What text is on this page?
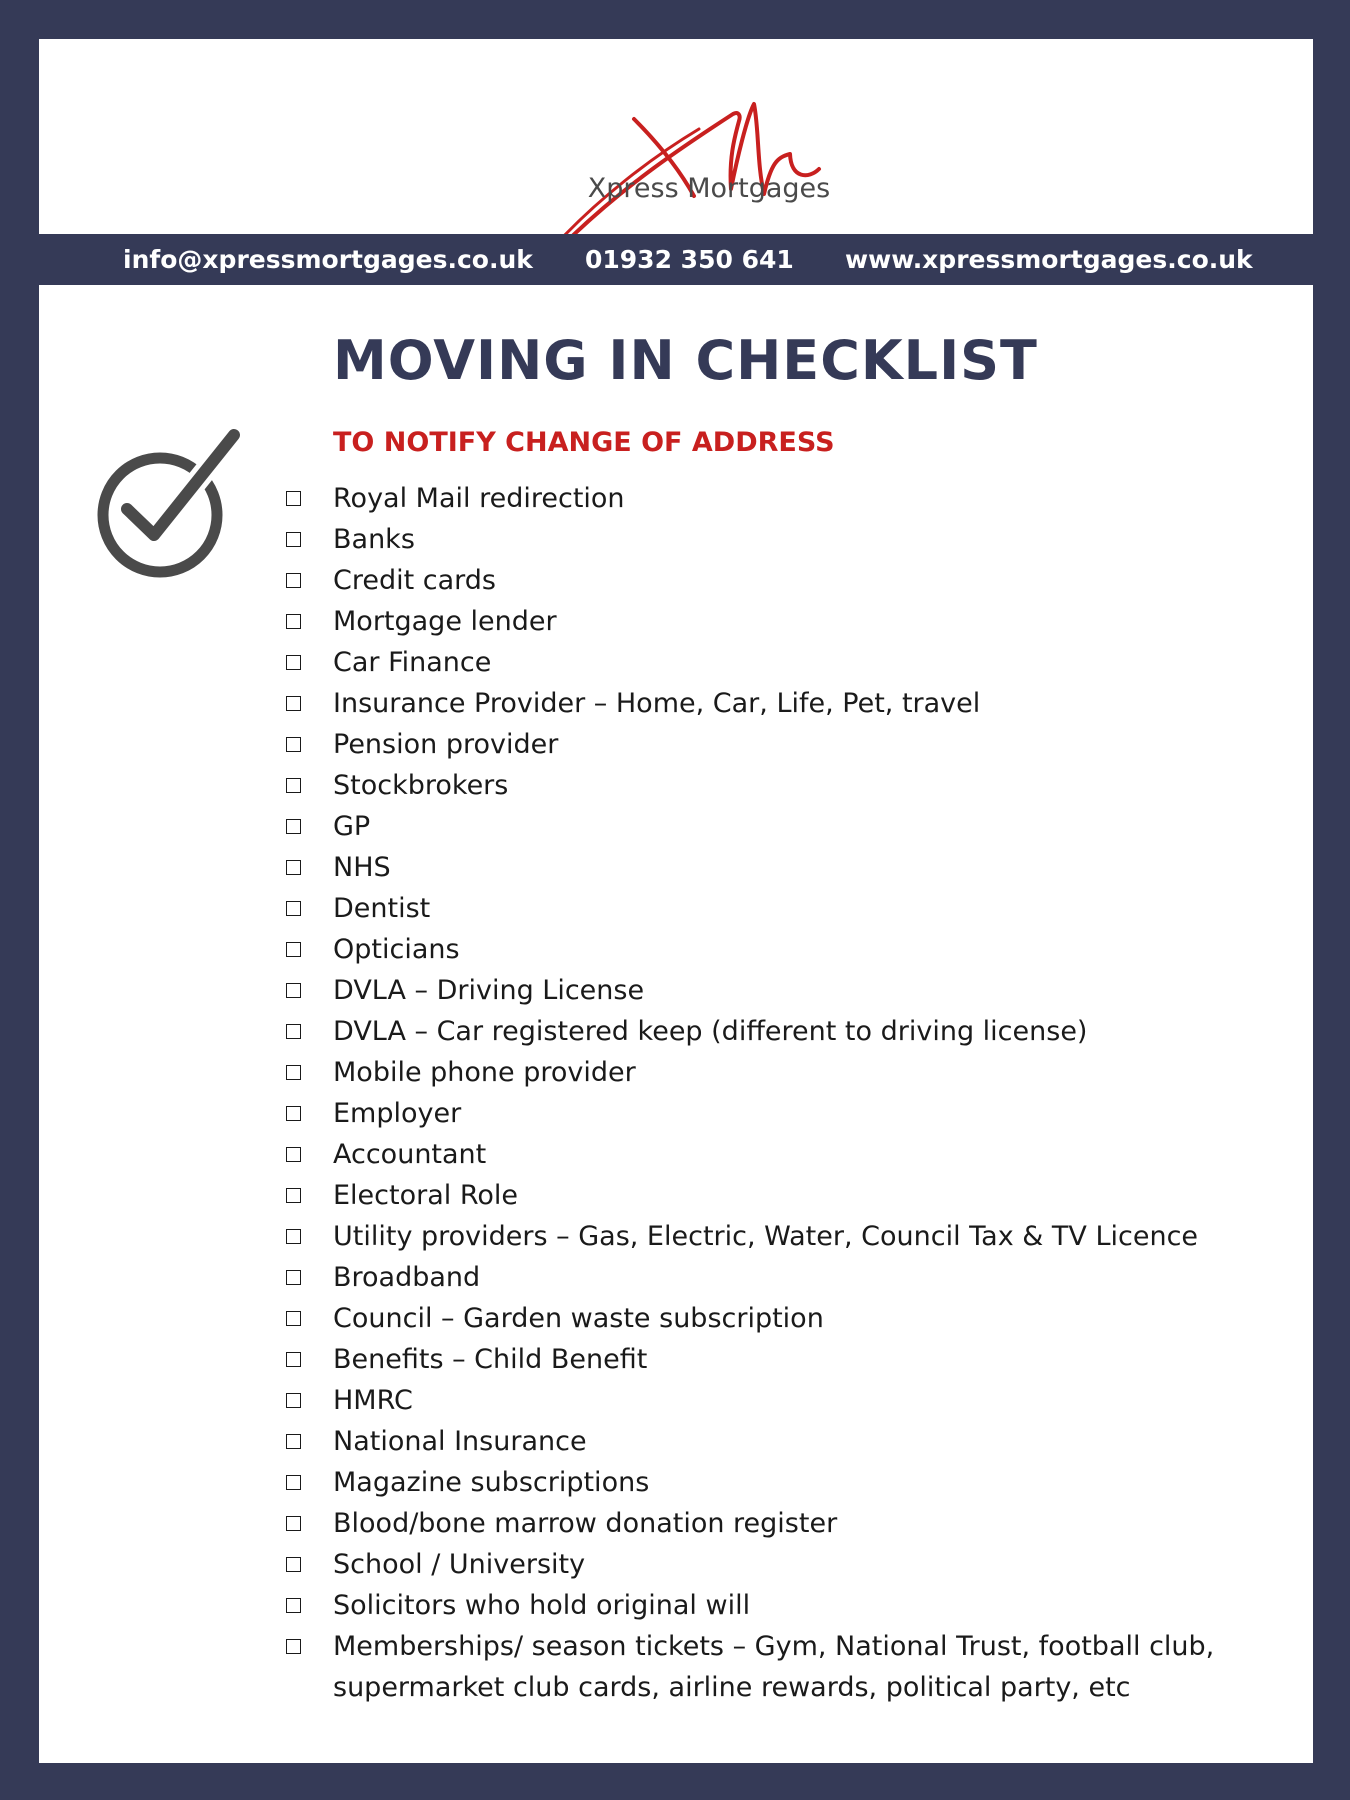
Xpress Mortgages
info@xpressmortgages.co.uk 01932 350 641 www.xpressmortgages.co.uk
MOVING IN CHECKLIST
TO NOTIFY CHANGE OF ADDRESS
Royal Mail redirection
Banks
Credit cards
Mortgage lender
Car Finance
Insurance Provider – Home, Car, Life, Pet, travel
Pension provider
Stockbrokers
GP
NHS
Dentist
Opticians
DVLA – Driving License
DVLA – Car registered keep (different to driving license)
Mobile phone provider
Employer
Accountant
Electoral Role
Utility providers – Gas, Electric, Water, Council Tax & TV Licence
Broadband
Council – Garden waste subscription
Benefits – Child Benefit
HMRC
National Insurance
Magazine subscriptions
Blood/bone marrow donation register
School / University
Solicitors who hold original will
Memberships/ season tickets – Gym, National Trust, football club, supermarket club cards, airline rewards, political party, etc
